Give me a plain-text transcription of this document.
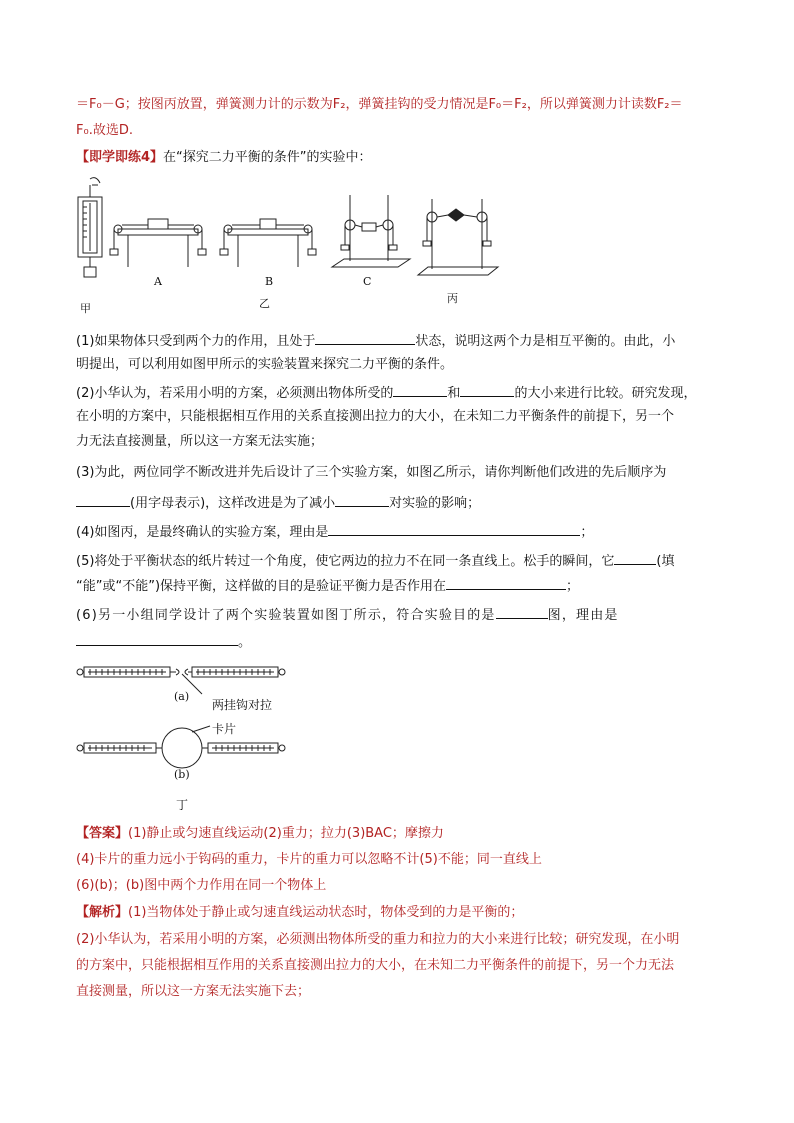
＝F₀－G；按图丙放置，弹簧测力计的示数为F₂，弹簧挂钩的受力情况是F₀＝F₂，所以弹簧测力计读数F₂＝
F₀.故选D.
【即学即练4】在“探究二力平衡的条件”的实验中：
A	B	C
甲	乙	丙
(1)如果物体只受到两个力的作用，且处于	状态，说明这两个力是相互平衡的。由此，小
明提出，可以利用如图甲所示的实验装置来探究二力平衡的条件。
(2)小华认为，若采用小明的方案，必须测出物体所受的	和	的大小来进行比较。研究发现，
在小明的方案中，只能根据相互作用的关系直接测出拉力的大小，在未知二力平衡条件的前提下，另一个
力无法直接测量，所以这一方案无法实施；
(3)为此，两位同学不断改进并先后设计了三个实验方案，如图乙所示，请你判断他们改进的先后顺序为
(用字母表示)，这样改进是为了减小	对实验的影响；
(4)如图丙，是最终确认的实验方案，理由是	；
(5)将处于平衡状态的纸片转过一个角度，使它两边的拉力不在同一条直线上。松手的瞬间，它	(填
“能”或“不能”)保持平衡，这样做的目的是验证平衡力是否作用在	；
(6)另一小组同学设计了两个实验装置如图丁所示，符合实验目的是	图，理由是
。
(a)
两挂钩对拉
卡片
(b)
丁
【答案】(1)静止或匀速直线运动(2)重力；拉力(3)BAC；摩擦力
(4)卡片的重力远小于钩码的重力，卡片的重力可以忽略不计(5)不能；同一直线上
(6)(b)；(b)图中两个力作用在同一个物体上
【解析】(1)当物体处于静止或匀速直线运动状态时，物体受到的力是平衡的；
(2)小华认为，若采用小明的方案，必须测出物体所受的重力和拉力的大小来进行比较；研究发现，在小明
的方案中，只能根据相互作用的关系直接测出拉力的大小，在未知二力平衡条件的前提下，另一个力无法
直接测量，所以这一方案无法实施下去；
